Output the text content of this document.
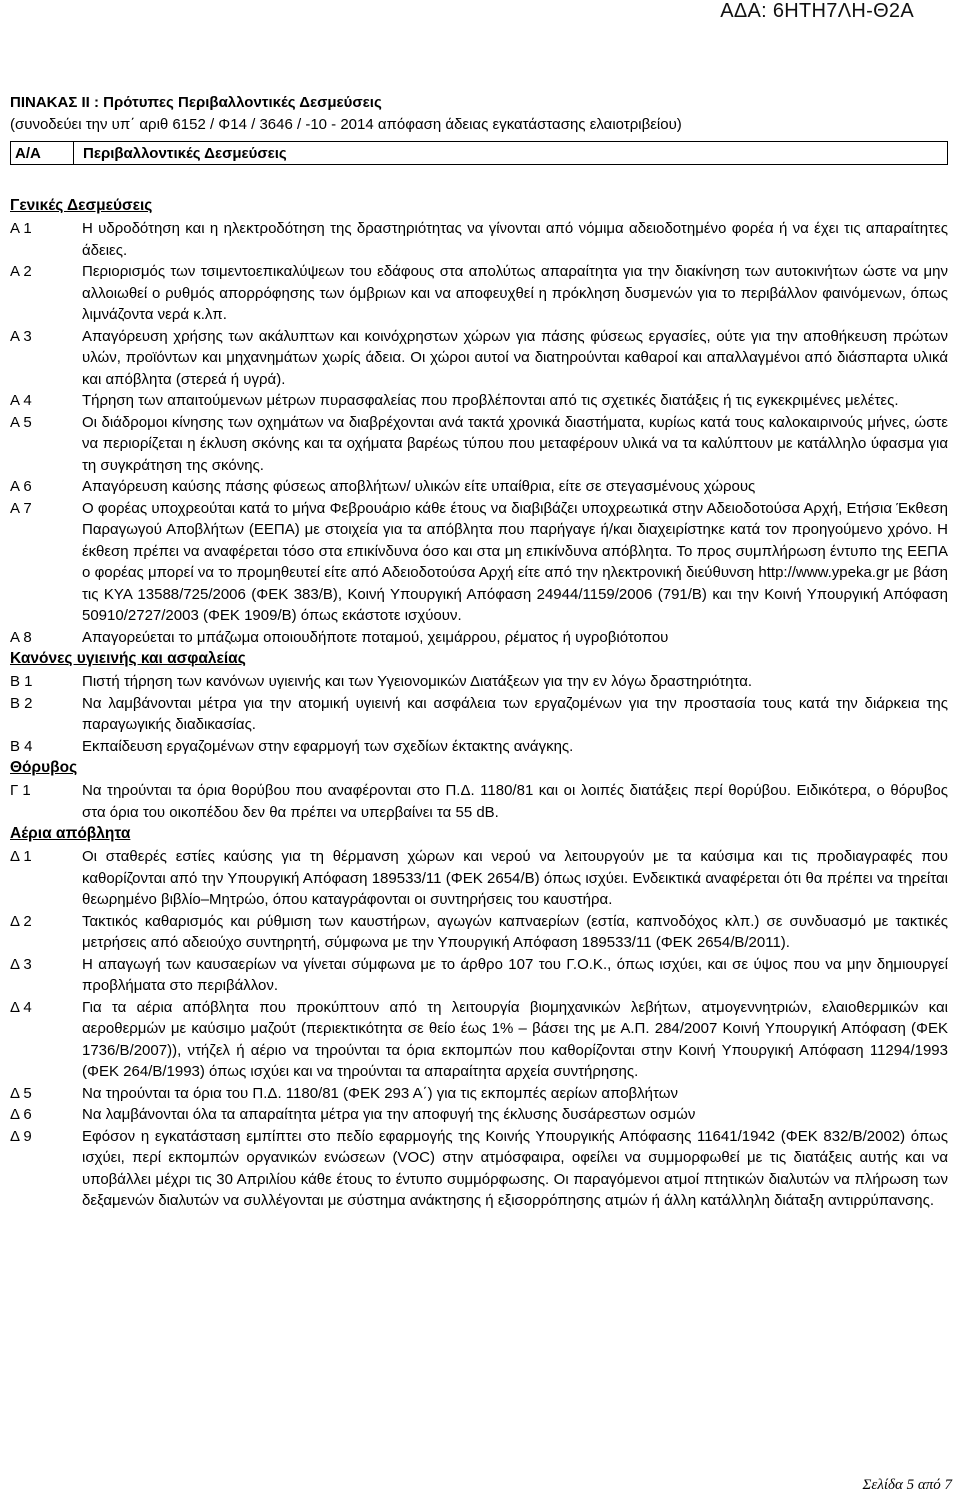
ΑΔΑ: 6ΗΤΗ7ΛΗ-Θ2Α
ΠΙΝΑΚΑΣ ΙΙ : Πρότυπες Περιβαλλοντικές Δεσμεύσεις
(συνοδεύει την υπ΄ αριθ 6152 / Φ14 / 3646 / -10 - 2014 απόφαση άδειας εγκατάστασης ελαιοτριβείου)
Α/Α	Περιβαλλοντικές Δεσμεύσεις
Γενικές Δεσμεύσεις
Α 1	Η υδροδότηση και η ηλεκτροδότηση της δραστηριότητας να γίνονται από νόμιμα αδειοδοτημένο φορέα ή να έχει τις απαραίτητες άδειες.
Α 2	Περιορισμός των τσιμεντοεπικαλύψεων του εδάφους στα απολύτως απαραίτητα για την διακίνηση των αυτοκινήτων ώστε να μην αλλοιωθεί ο ρυθμός απορρόφησης των όμβριων και να αποφευχθεί η πρόκληση δυσμενών για το περιβάλλον φαινόμενων, όπως λιμνάζοντα νερά κ.λπ.
Α 3	Απαγόρευση χρήσης των ακάλυπτων και κοινόχρηστων χώρων για πάσης φύσεως εργασίες, ούτε για την αποθήκευση πρώτων υλών, προϊόντων και μηχανημάτων χωρίς άδεια. Οι χώροι αυτοί να διατηρούνται καθαροί και απαλλαγμένοι από διάσπαρτα υλικά και απόβλητα (στερεά ή υγρά).
Α 4	Τήρηση των απαιτούμενων μέτρων πυρασφαλείας που προβλέπονται από τις σχετικές διατάξεις ή τις εγκεκριμένες μελέτες.
Α 5	Οι διάδρομοι κίνησης των οχημάτων να διαβρέχονται ανά τακτά χρονικά διαστήματα, κυρίως κατά τους καλοκαιρινούς μήνες, ώστε να περιορίζεται η έκλυση σκόνης και τα οχήματα βαρέως τύπου που μεταφέρουν υλικά να τα καλύπτουν με κατάλληλο ύφασμα για τη συγκράτηση της σκόνης.
Α 6	Απαγόρευση καύσης πάσης φύσεως αποβλήτων/ υλικών είτε υπαίθρια, είτε σε στεγασμένους χώρους
Α 7	Ο φορέας υποχρεούται κατά το μήνα Φεβρουάριο κάθε έτους να διαβιβάζει υποχρεωτικά στην Αδειοδοτούσα Αρχή, Ετήσια Έκθεση Παραγωγού Αποβλήτων (ΕΕΠΑ) με στοιχεία για τα απόβλητα που παρήγαγε ή/και διαχειρίστηκε κατά τον προηγούμενο χρόνο. Η έκθεση πρέπει να αναφέρεται τόσο στα επικίνδυνα όσο και στα μη επικίνδυνα απόβλητα. Το προς συμπλήρωση έντυπο της ΕΕΠΑ ο φορέας μπορεί να το προμηθευτεί είτε από Αδειοδοτούσα Αρχή είτε από την ηλεκτρονική διεύθυνση http://www.ypeka.gr με βάση τις ΚΥΑ 13588/725/2006 (ΦΕΚ 383/Β), Κοινή Υπουργική Απόφαση 24944/1159/2006 (791/Β) και την Κοινή Υπουργική Απόφαση 50910/2727/2003 (ΦΕΚ 1909/Β) όπως εκάστοτε ισχύουν.
Α 8	Απαγορεύεται το μπάζωμα οποιουδήποτε ποταμού, χειμάρρου, ρέματος ή υγροβιότοπου
Κανόνες υγιεινής και ασφαλείας
Β 1	Πιστή τήρηση των κανόνων υγιεινής και των Υγειονομικών Διατάξεων για την εν λόγω δραστηριότητα.
Β 2	Να λαμβάνονται μέτρα για την ατομική υγιεινή και ασφάλεια των εργαζομένων για την προστασία τους κατά την διάρκεια της παραγωγικής διαδικασίας.
Β 4	Εκπαίδευση εργαζομένων στην εφαρμογή των σχεδίων έκτακτης ανάγκης.
Θόρυβος
Γ 1	Να τηρούνται τα όρια θορύβου που αναφέρονται στο Π.Δ. 1180/81 και οι λοιπές διατάξεις περί θορύβου. Ειδικότερα, ο θόρυβος στα όρια του οικοπέδου δεν θα πρέπει να υπερβαίνει τα 55 dB.
Αέρια απόβλητα
Δ 1	Οι σταθερές εστίες καύσης για τη θέρμανση χώρων και νερού να λειτουργούν με τα καύσιμα και τις προδιαγραφές που καθορίζονται από την Υπουργική Απόφαση 189533/11 (ΦΕΚ 2654/Β) όπως ισχύει. Ενδεικτικά αναφέρεται ότι θα πρέπει να τηρείται θεωρημένο βιβλίο–Μητρώο, όπου καταγράφονται οι συντηρήσεις του καυστήρα.
Δ 2	Τακτικός καθαρισμός και ρύθμιση των καυστήρων, αγωγών καπναερίων (εστία, καπνοδόχος κλπ.) σε συνδυασμό με τακτικές μετρήσεις από αδειούχο συντηρητή, σύμφωνα με την Υπουργική Απόφαση 189533/11 (ΦΕΚ 2654/Β/2011).
Δ 3	Η απαγωγή των καυσαερίων να γίνεται σύμφωνα με το άρθρο 107 του Γ.Ο.Κ., όπως ισχύει, και σε ύψος που να μην δημιουργεί προβλήματα στο περιβάλλον.
Δ 4	Για τα αέρια απόβλητα που προκύπτουν από τη λειτουργία βιομηχανικών λεβήτων, ατμογεννητριών, ελαιοθερμικών και αεροθερμών με καύσιμο μαζούτ (περιεκτικότητα σε θείο έως 1% – βάσει της με Α.Π. 284/2007 Κοινή Υπουργική Απόφαση (ΦΕΚ 1736/Β/2007)), ντήζελ ή αέριο να τηρούνται τα όρια εκπομπών που καθορίζονται στην Κοινή Υπουργική Απόφαση 11294/1993 (ΦΕΚ 264/Β/1993) όπως ισχύει και να τηρούνται τα απαραίτητα αρχεία συντήρησης.
Δ 5	Να τηρούνται τα όρια του Π.Δ. 1180/81 (ΦΕΚ 293 Α΄) για τις εκπομπές αερίων αποβλήτων
Δ 6	Να λαμβάνονται όλα τα απαραίτητα μέτρα για την αποφυγή της έκλυσης δυσάρεστων οσμών
Δ 9	Εφόσον η εγκατάσταση εμπίπτει στο πεδίο εφαρμογής της Κοινής Υπουργικής Απόφασης 11641/1942 (ΦΕΚ 832/Β/2002) όπως ισχύει, περί εκπομπών οργανικών ενώσεων (VOC) στην ατμόσφαιρα, οφείλει να συμμορφωθεί με τις διατάξεις αυτής και να υποβάλλει μέχρι τις 30 Απριλίου κάθε έτους το έντυπο συμμόρφωσης. Οι παραγόμενοι ατμοί πτητικών διαλυτών να πλήρωση των δεξαμενών διαλυτών να συλλέγονται με σύστημα ανάκτησης ή εξισορρόπησης ατμών ή άλλη κατάλληλη διάταξη αντιρρύπανσης.
Σελίδα 5 από 7
